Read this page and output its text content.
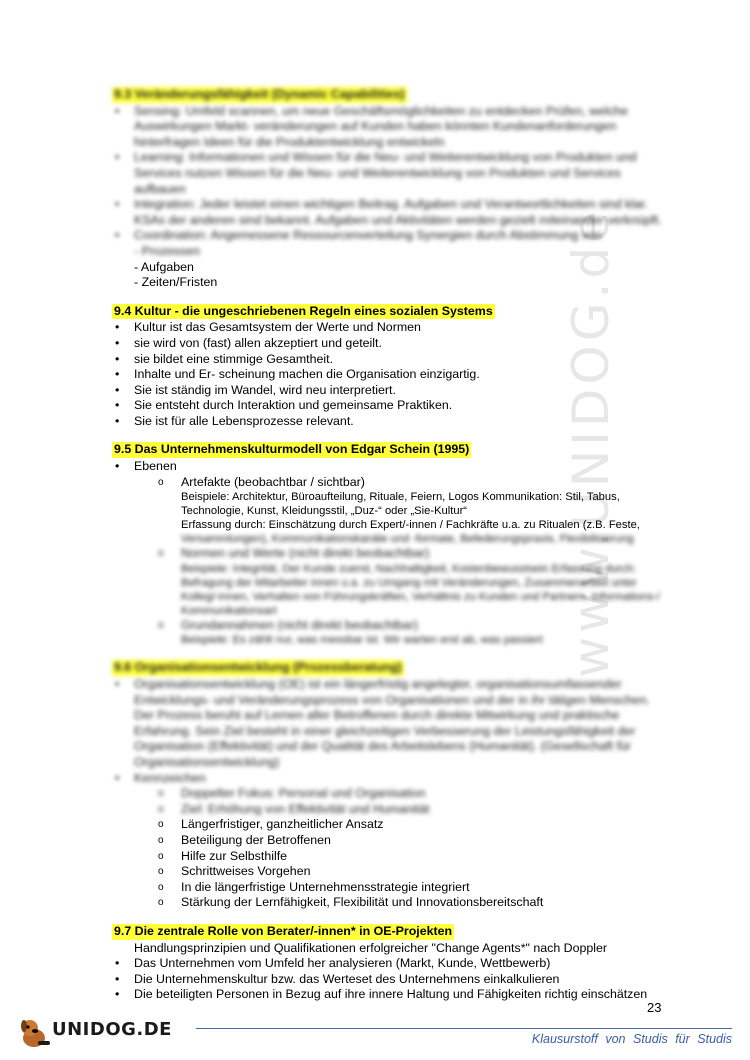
www.UNIDOG.de
9.3 Veränderungsfähigkeit (Dynamic Capabilities)

• Sensing: Umfeld scannen, um neue Geschäftsmöglichkeiten zu entdecken Prüfen, welche Auswirkungen Markt- veränderungen auf Kunden haben könnten Kundenanforderungen hinterfragen Ideen für die Produktentwicklung entwickeln
• Learning: Informationen und Wissen für die Neu- und Weiterentwicklung von Produkten und Services nutzen Wissen für die Neu- und Weiterentwicklung von Produkten und Services aufbauen
• Integration: Jeder leistet einen wichtigen Beitrag. Aufgaben und Verantwortlichkeiten sind klar. KSAs der anderen sind bekannt. Aufgaben und Aktivitäten werden gezielt miteinander verknüpft.
• Coordination: Angemessene Ressourcenverteilung Synergien durch Abstimmung von
- Prozessen
- Aufgaben
- Zeiten/Fristen
9.4 Kultur - die ungeschriebenen Regeln eines sozialen Systems

• Kultur ist das Gesamtsystem der Werte und Normen
• sie wird von (fast) allen akzeptiert und geteilt.
• sie bildet eine stimmige Gesamtheit.
• Inhalte und Er- scheinung machen die Organisation einzigartig.
• Sie ist ständig im Wandel, wird neu interpretiert.
• Sie entsteht durch Interaktion und gemeinsame Praktiken.
• Sie ist für alle Lebensprozesse relevant.
9.5 Das Unternehmenskulturmodell von Edgar Schein (1995)

• Ebenen
o Artefakte (beobachtbar / sichtbar)
Beispiele: Architektur, Büroaufteilung, Rituale, Feiern, Logos Kommunikation: Stil, Tabus, Technologie, Kunst, Kleidungsstil, „Duz-“ oder „Sie-Kultur“
Erfassung durch: Einschätzung durch Expert/-innen / Fachkräfte u.a. zu Ritualen (z.B. Feste,
Versammlungen), Kommunikationskanäle und -formate, Befederungspraxis, Flexibilisierung
o Normen und Werte (nicht direkt beobachtbar)
Beispiele: Integrität, Der Kunde zuerst, Nachhaltigkeit, Kostenbewusstsein Erfassung durch: Befragung der Mitarbeiter innen u.a. zu Umgang mit Veränderungen, Zusammenarbeit unter Kolleg/-innen, Verhalten von Führungskräften, Verhältnis zu Kunden und Partnern, Informations-/ Kommunikationsart
o Grundannahmen (nicht direkt beobachtbar)
Beispiele: Es zählt nur, was messbar ist. Wir warten erst ab, was passiert
9.6 Organisationsentwicklung (Prozessberatung)

• Organisationsentwicklung (OE) ist ein längerfristig angelegter, organisationsumfassender Entwicklungs- und Veränderungsprozess von Organisationen und der in ihr tätigen Menschen. Der Prozess beruht auf Lernen aller Betroffenen durch direkte Mitwirkung und praktische Erfahrung. Sein Ziel besteht in einer gleichzeitigen Verbesserung der Leistungsfähigkeit der Organisation (Effektivität) und der Qualität des Arbeitslebens (Humanität). (Gesellschaft für Organisationsentwicklung)
• Kennzeichen
o Doppelter Fokus: Personal und Organisation
o Ziel: Erhöhung von Effektivität und Humanität
o Längerfristiger, ganzheitlicher Ansatz
o Beteiligung der Betroffenen
o Hilfe zur Selbsthilfe
o Schrittweises Vorgehen
o In die längerfristige Unternehmensstrategie integriert
o Stärkung der Lernfähigkeit, Flexibilität und Innovationsbereitschaft
9.7 Die zentrale Rolle von Berater/-innen* in OE-Projekten

Handlungsprinzipien und Qualifikationen erfolgreicher "Change Agents*" nach Doppler
• Das Unternehmen vom Umfeld her analysieren (Markt, Kunde, Wettbewerb)
• Die Unternehmenskultur bzw. das Werteset des Unternehmens einkalkulieren
• Die beteiligten Personen in Bezug auf ihre innere Haltung und Fähigkeiten richtig einschätzen
23
UNIDOG.DE	Klausurstoff von Studis für Studis
